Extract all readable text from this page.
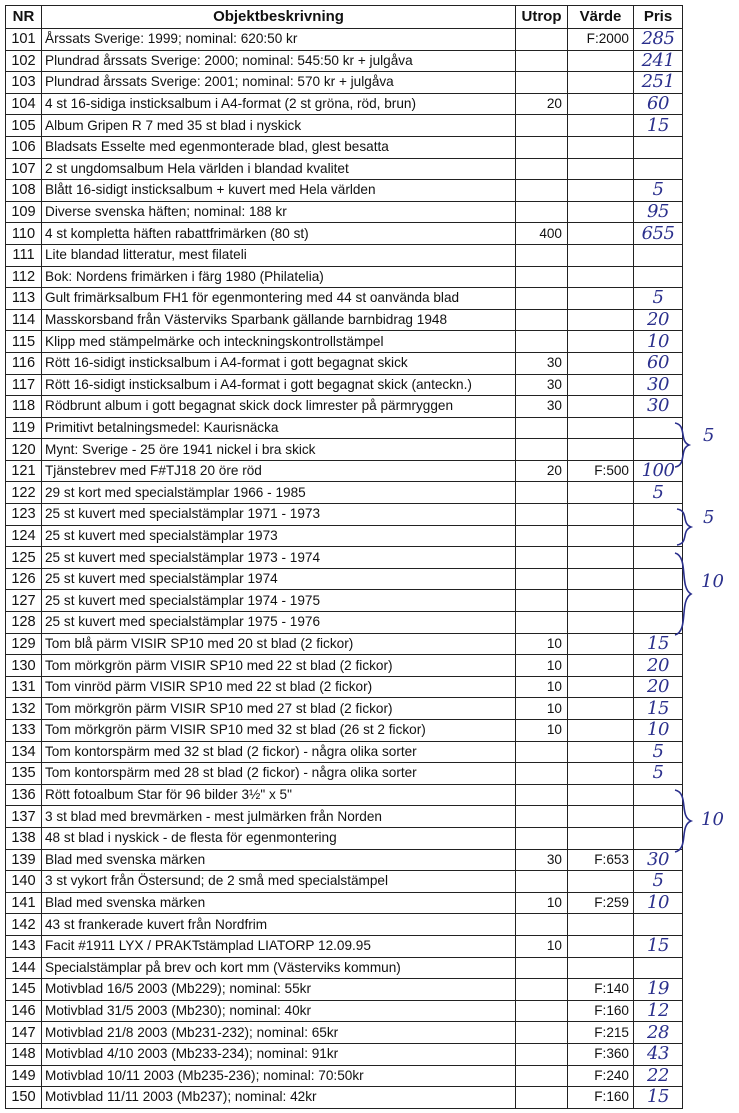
NR	Objektbeskrivning	Utrop	Värde	Pris
101	Årssats Sverige: 1999; nominal: 620:50 kr		F:2000	285
102	Plundrad årssats Sverige: 2000; nominal: 545:50 kr + julgåva			241
103	Plundrad årssats Sverige: 2001; nominal: 570 kr + julgåva			251
104	4 st 16-sidiga insticksalbum i A4-format (2 st gröna, röd, brun)	20		60
105	Album Gripen R 7 med 35 st blad i nyskick			15
106	Bladsats Esselte med egenmonterade blad, glest besatta			
107	2 st ungdomsalbum Hela världen i blandad kvalitet			
108	Blått 16-sidigt insticksalbum + kuvert med Hela världen			5
109	Diverse svenska häften; nominal: 188 kr			95
110	4 st kompletta häften rabattfrimärken (80 st)	400		655
111	Lite blandad litteratur, mest filateli			
112	Bok: Nordens frimärken i färg 1980 (Philatelia)			
113	Gult frimärksalbum FH1 för egenmontering med 44 st oanvända blad			5
114	Masskorsband från Västerviks Sparbank gällande barnbidrag 1948			20
115	Klipp med stämpelmärke och inteckningskontrollstämpel			10
116	Rött 16-sidigt insticksalbum i A4-format i gott begagnat skick	30		60
117	Rött 16-sidigt insticksalbum i A4-format i gott begagnat skick (anteckn.)	30		30
118	Rödbrunt album i gott begagnat skick dock limrester på pärmryggen	30		30
119	Primitivt betalningsmedel: Kaurisnäcka			
120	Mynt: Sverige - 25 öre 1941 nickel i bra skick			
121	Tjänstebrev med F#TJ18 20 öre röd	20	F:500	100
122	29 st kort med specialstämplar 1966 - 1985			5
123	25 st kuvert med specialstämplar 1971 - 1973			
124	25 st kuvert med specialstämplar 1973			
125	25 st kuvert med specialstämplar 1973 - 1974			
126	25 st kuvert med specialstämplar 1974			
127	25 st kuvert med specialstämplar 1974 - 1975			
128	25 st kuvert med specialstämplar 1975 - 1976			
129	Tom blå pärm VISIR SP10 med 20 st blad (2 fickor)	10		15
130	Tom mörkgrön pärm VISIR SP10 med 22 st blad (2 fickor)	10		20
131	Tom vinröd pärm VISIR SP10 med 22 st blad (2 fickor)	10		20
132	Tom mörkgrön pärm VISIR SP10 med 27 st blad (2 fickor)	10		15
133	Tom mörkgrön pärm VISIR SP10 med 32 st blad (26 st 2 fickor)	10		10
134	Tom kontorspärm med 32 st blad (2 fickor) - några olika sorter			5
135	Tom kontorspärm med 28 st blad (2 fickor) - några olika sorter			5
136	Rött fotoalbum Star för 96 bilder 3½" x 5"			
137	3 st blad med brevmärken - mest julmärken från Norden			
138	48 st blad i nyskick - de flesta för egenmontering			
139	Blad med svenska märken	30	F:653	30
140	3 st vykort från Östersund; de 2 små med specialstämpel			5
141	Blad med svenska märken	10	F:259	10
142	43 st frankerade kuvert från Nordfrim			
143	Facit #1911 LYX / PRAKTstämplad LIATORP 12.09.95	10		15
144	Specialstämplar på brev och kort mm (Västerviks kommun)			
145	Motivblad 16/5 2003 (Mb229); nominal: 55kr		F:140	19
146	Motivblad 31/5 2003 (Mb230); nominal: 40kr		F:160	12
147	Motivblad 21/8 2003 (Mb231-232); nominal: 65kr		F:215	28
148	Motivblad 4/10 2003 (Mb233-234); nominal: 91kr		F:360	43
149	Motivblad 10/11 2003 (Mb235-236); nominal: 70:50kr		F:240	22
150	Motivblad 11/11 2003 (Mb237); nominal: 42kr		F:160	15
5
5
10
10
